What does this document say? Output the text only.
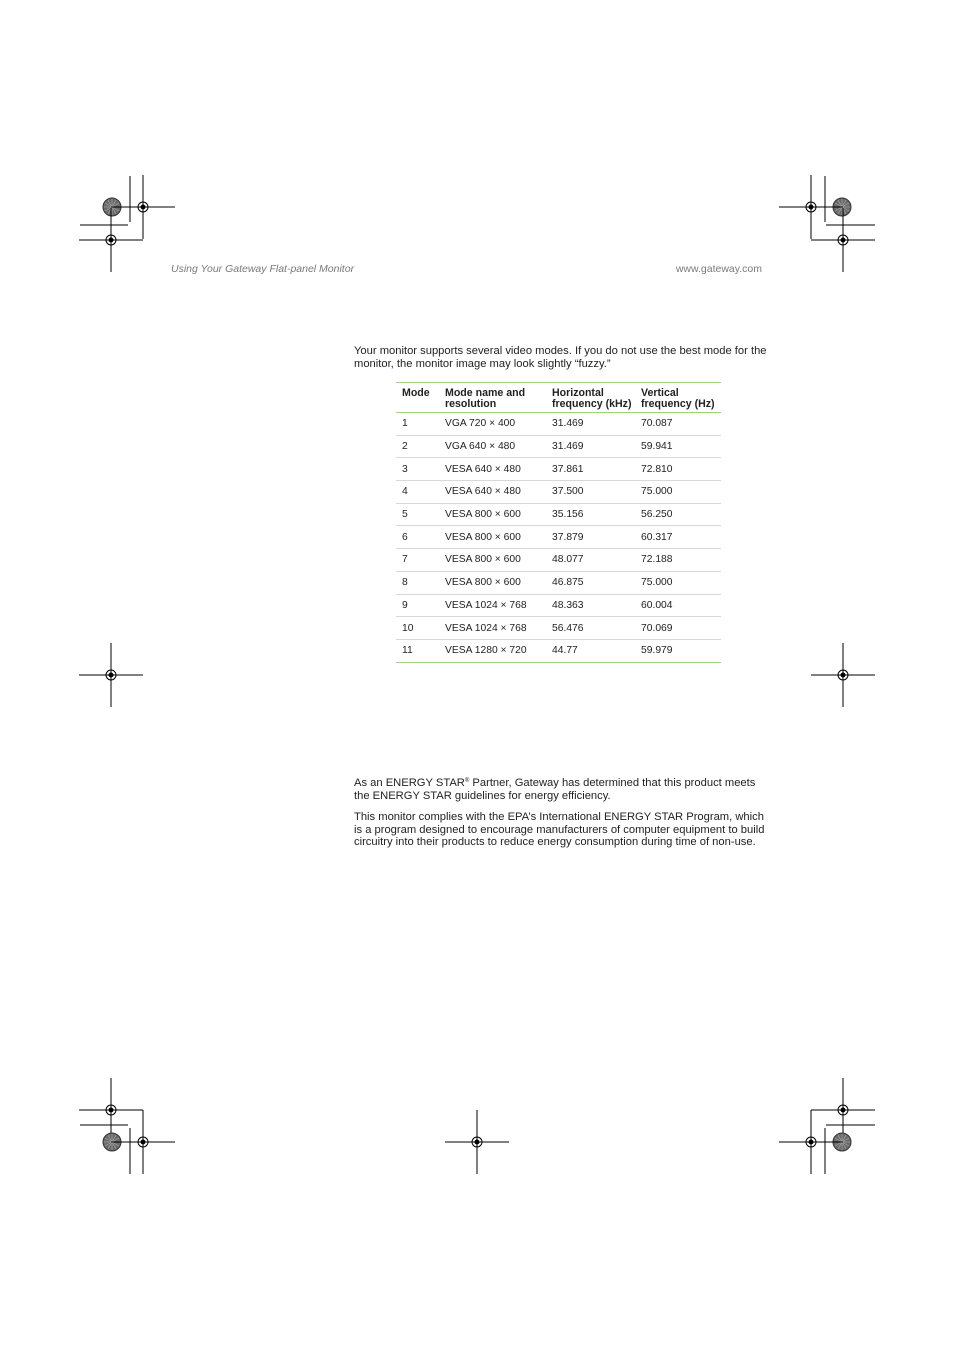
Using Your Gateway Flat-panel Monitor	www.gateway.com
Your monitor supports several video modes. If you do not use the best mode for the monitor, the monitor image may look slightly “fuzzy.”
Mode	Mode name and resolution	Horizontal frequency (kHz)	Vertical frequency (Hz)
1	VGA 720 × 400	31.469	70.087
2	VGA 640 × 480	31.469	59.941
3	VESA 640 × 480	37.861	72.810
4	VESA 640 × 480	37.500	75.000
5	VESA 800 × 600	35.156	56.250
6	VESA 800 × 600	37.879	60.317
7	VESA 800 × 600	48.077	72.188
8	VESA 800 × 600	46.875	75.000
9	VESA 1024 × 768	48.363	60.004
10	VESA 1024 × 768	56.476	70.069
11	VESA 1280 × 720	44.77	59.979
As an ENERGY STAR® Partner, Gateway has determined that this product meets the ENERGY STAR guidelines for energy efficiency.
This monitor complies with the EPA’s International ENERGY STAR Program, which is a program designed to encourage manufacturers of computer equipment to build circuitry into their products to reduce energy consumption during time of non-use.
